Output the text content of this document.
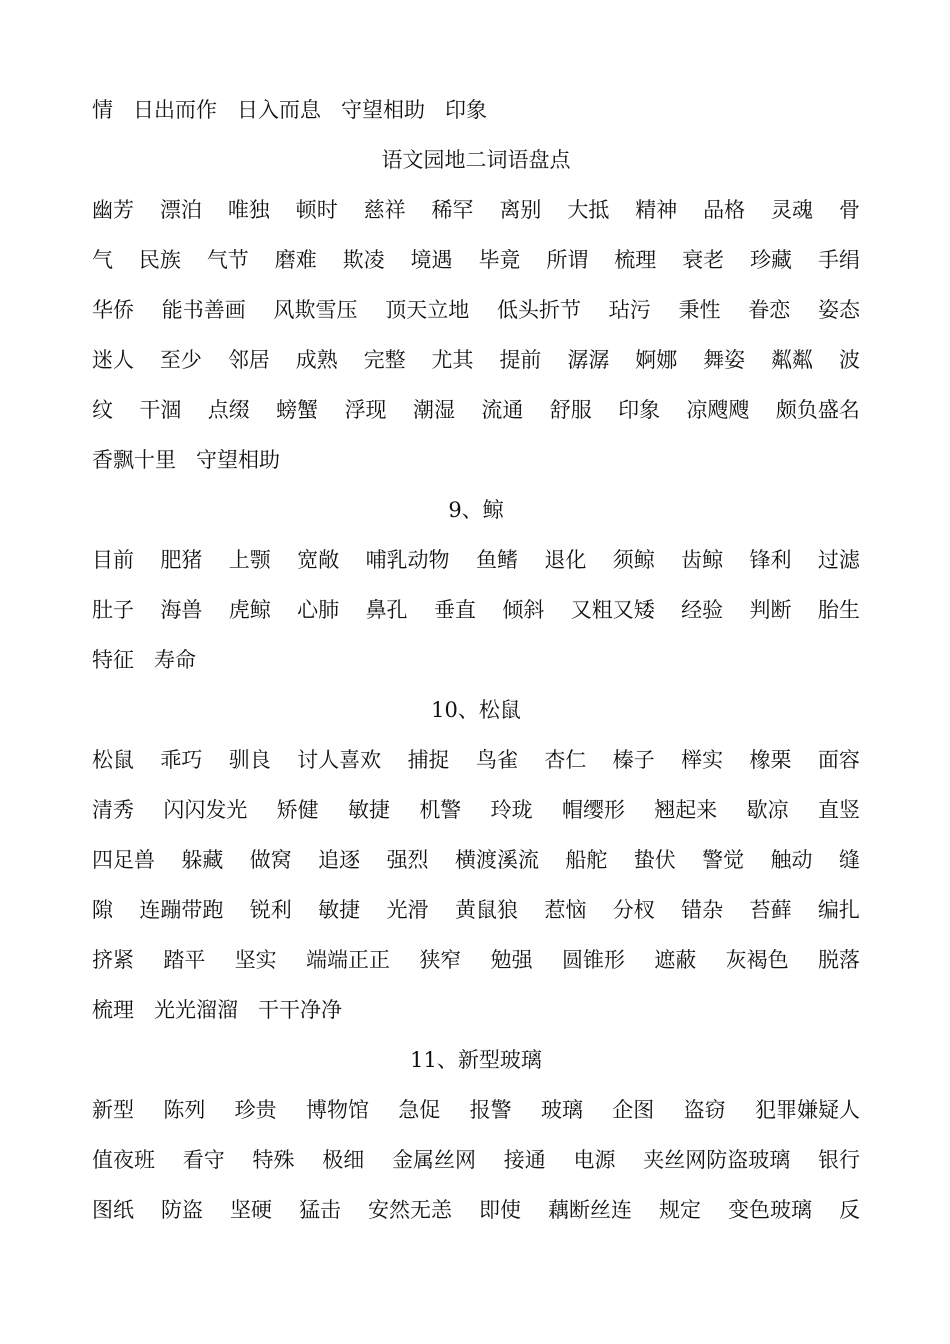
情 日出而作 日入而息 守望相助 印象
语文园地二词语盘点
幽芳 漂泊 唯独 顿时 慈祥 稀罕 离别 大抵 精神 品格 灵魂 骨
气 民族 气节 磨难 欺凌 境遇 毕竟 所谓 梳理 衰老 珍藏 手绢
华侨 能书善画 风欺雪压 顶天立地 低头折节 玷污 秉性 眷恋 姿态
迷人 至少 邻居 成熟 完整 尤其 提前 潺潺 婀娜 舞姿 粼粼 波
纹 干涸 点缀 螃蟹 浮现 潮湿 流通 舒服 印象 凉飕飕 颇负盛名
香飘十里 守望相助
9、鲸
目前 肥猪 上颚 宽敞 哺乳动物 鱼鳍 退化 须鲸 齿鲸 锋利 过滤
肚子 海兽 虎鲸 心肺 鼻孔 垂直 倾斜 又粗又矮 经验 判断 胎生
特征 寿命
10、松鼠
松鼠 乖巧 驯良 讨人喜欢 捕捉 鸟雀 杏仁 榛子 榉实 橡栗 面容
清秀 闪闪发光 矫健 敏捷 机警 玲珑 帽缨形 翘起来 歇凉 直竖
四足兽 躲藏 做窝 追逐 强烈 横渡溪流 船舵 蛰伏 警觉 触动 缝
隙 连蹦带跑 锐利 敏捷 光滑 黄鼠狼 惹恼 分杈 错杂 苔藓 编扎
挤紧 踏平 坚实 端端正正 狭窄 勉强 圆锥形 遮蔽 灰褐色 脱落
梳理 光光溜溜 干干净净
11、新型玻璃
新型 陈列 珍贵 博物馆 急促 报警 玻璃 企图 盗窃 犯罪嫌疑人
值夜班 看守 特殊 极细 金属丝网 接通 电源 夹丝网防盗玻璃 银行
图纸 防盗 坚硬 猛击 安然无恙 即使 藕断丝连 规定 变色玻璃 反
